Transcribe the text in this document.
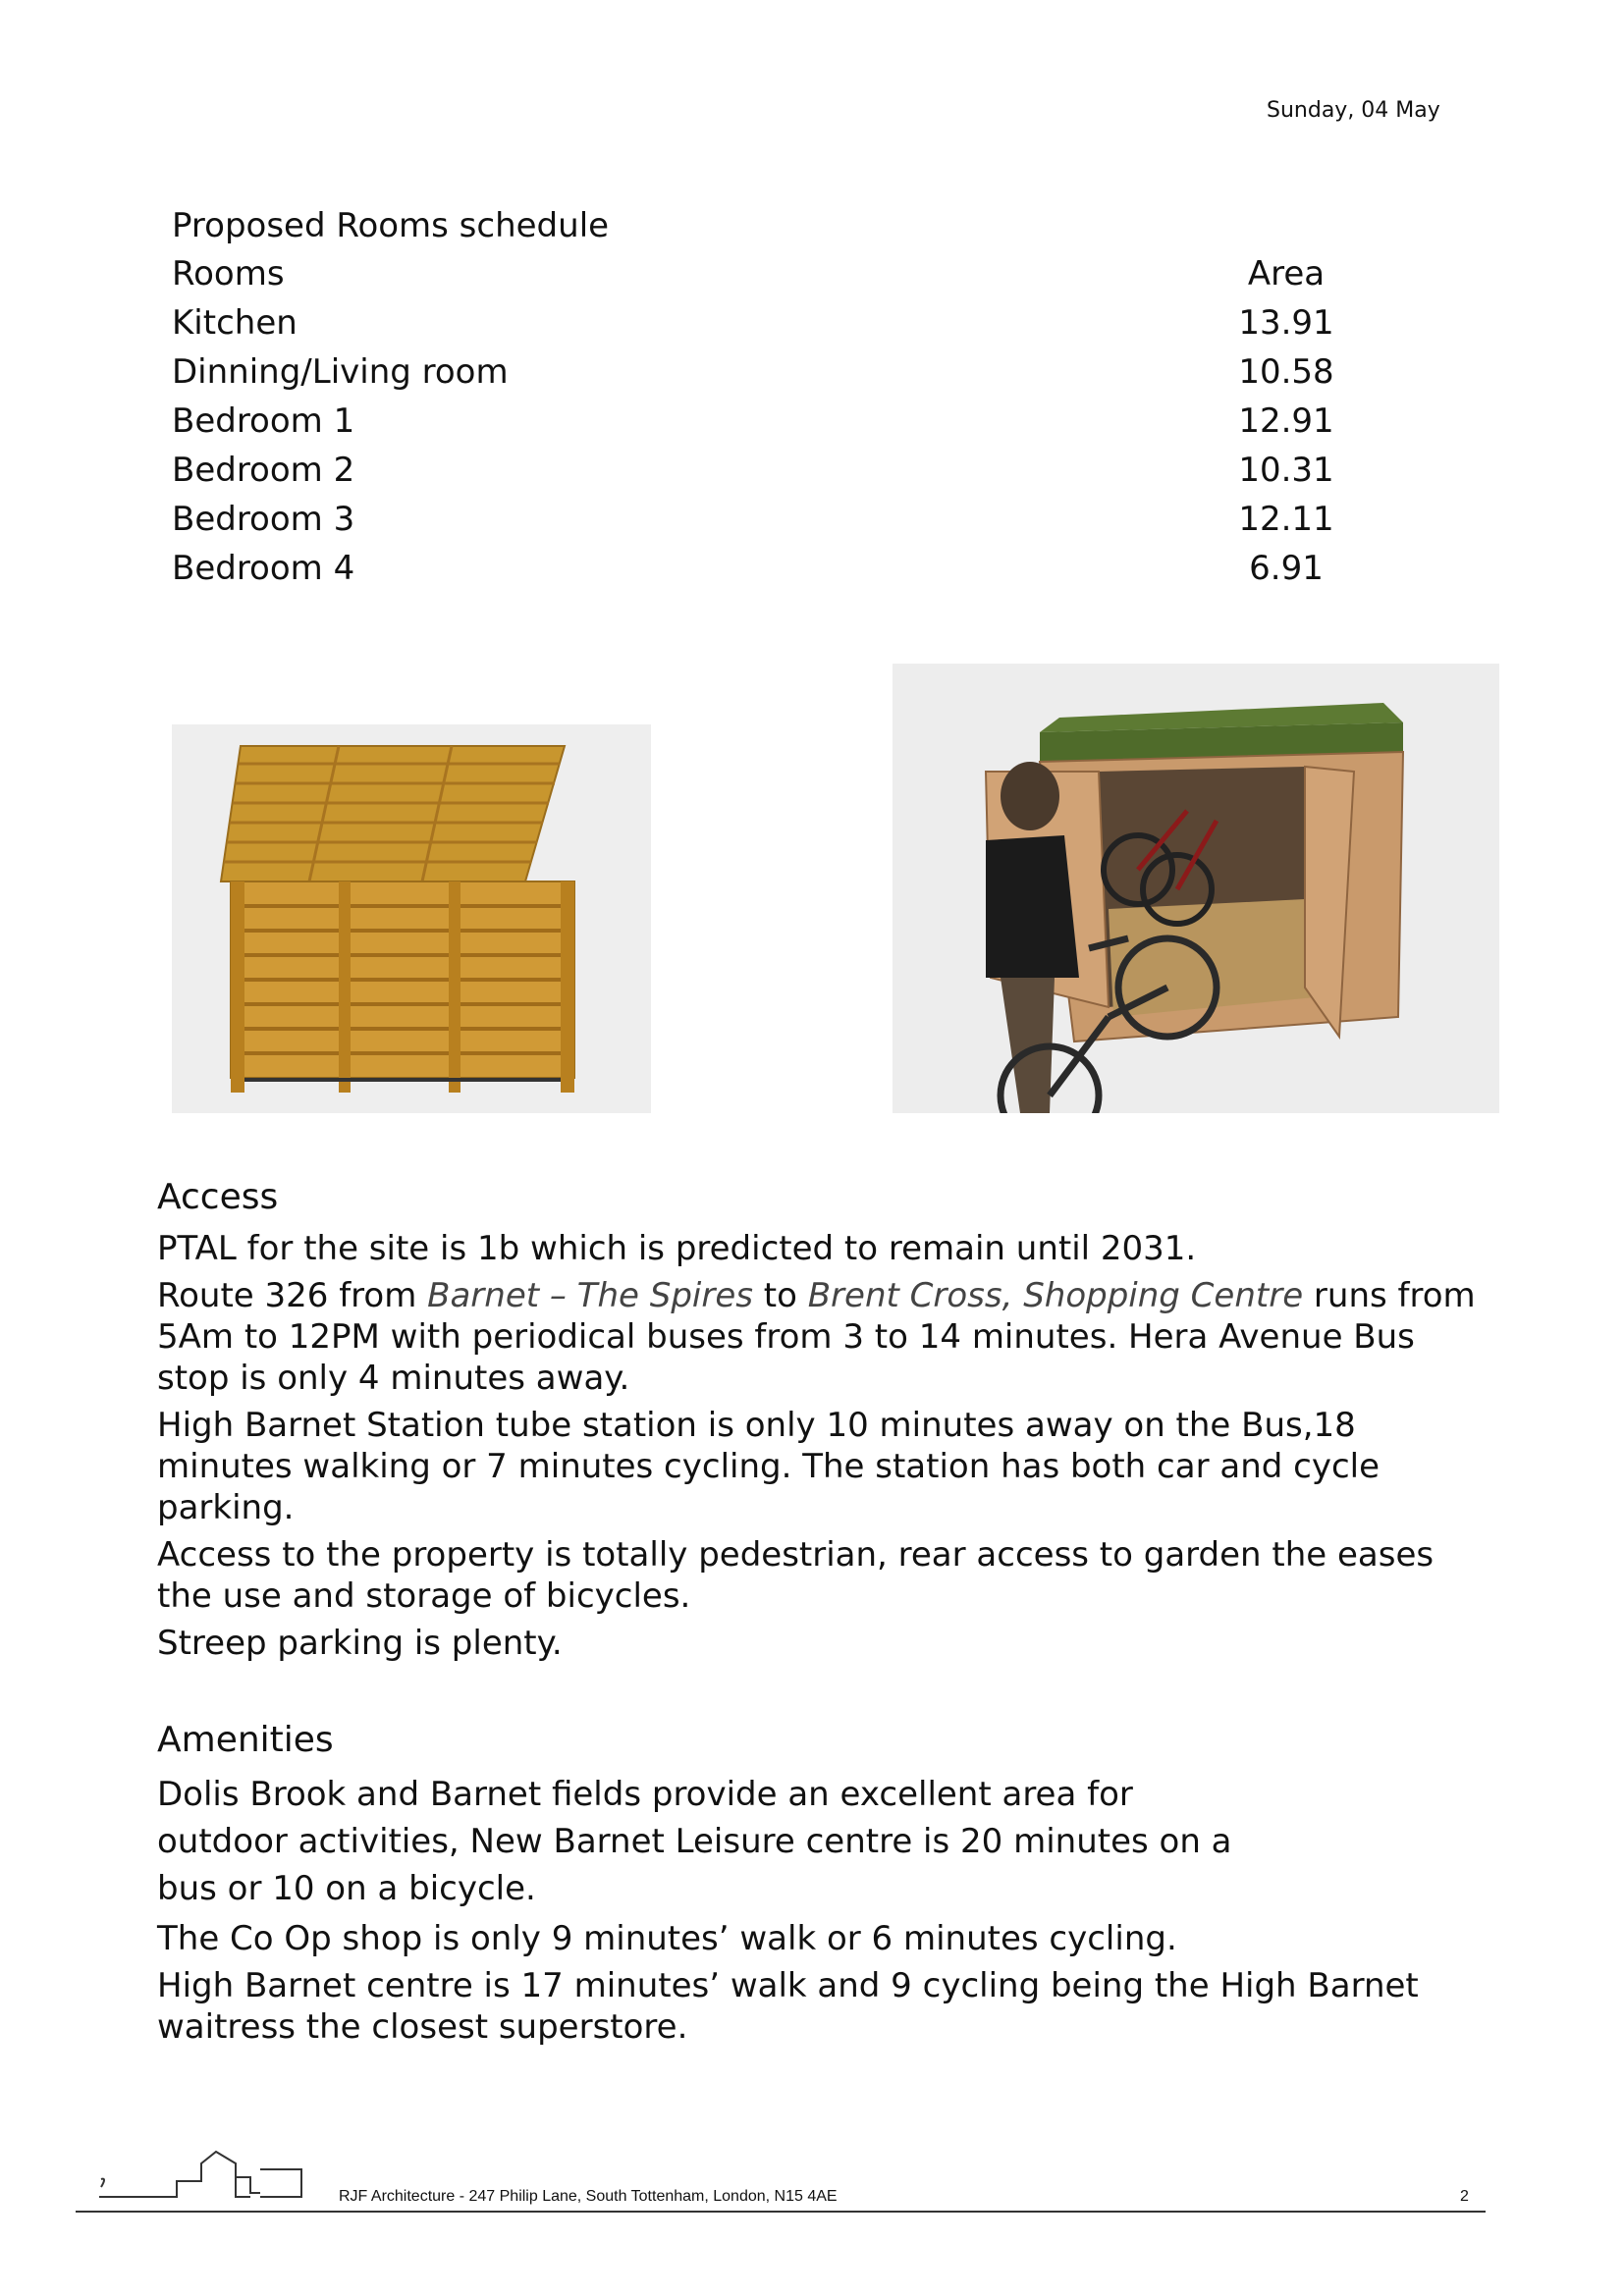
Sunday, 04 May
Proposed Rooms schedule
Rooms	Area
Kitchen	13.91
Dinning/Living room	10.58
Bedroom 1	12.91
Bedroom 2	10.31
Bedroom 3	12.11
Bedroom 4	6.91
Access

PTAL for the site is 1b which is predicted to remain until 2031.

Route 326 from Barnet – The Spires to Brent Cross, Shopping Centre runs from 5Am to 12PM with periodical buses from 3 to 14 minutes. Hera Avenue Bus stop is only 4 minutes away.

High Barnet Station tube station is only 10 minutes away on the Bus,18 minutes walking or 7 minutes cycling. The station has both car and cycle parking.

Access to the property is totally pedestrian, rear access to garden the eases the use and storage of bicycles.

Streep parking is plenty.

Amenities

Dolis Brook and Barnet fields provide an excellent area for

outdoor activities, New Barnet Leisure centre is 20 minutes on a

bus or 10 on a bicycle.

The Co Op shop is only 9 minutes’ walk or 6 minutes cycling.

High Barnet centre is 17 minutes’ walk and 9 cycling being the High Barnet waitress the closest superstore.

RJF Architecture - 247 Philip Lane, South Tottenham, London, N15 4AE	2
